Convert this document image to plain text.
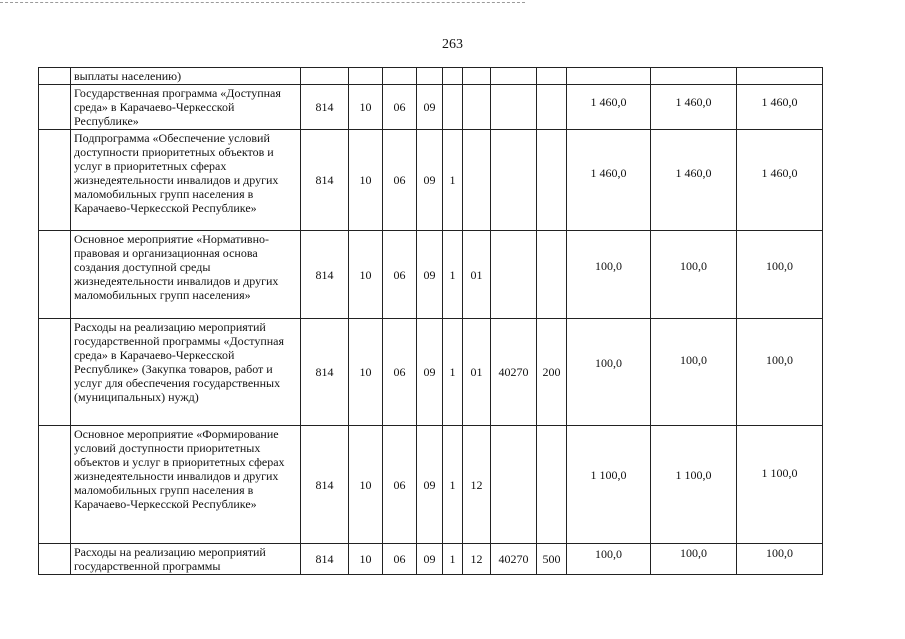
263
	выплаты населению)											
	Государственная программа «Доступная среда» в Карачаево-Черкесской Республике»	814	10	06	09					1 460,0	1 460,0	1 460,0
	Подпрограмма «Обеспечение условий доступности приоритетных объектов и услуг в приоритетных сферах жизнедеятельности инвалидов и других маломобильных групп населения в Карачаево-Черкесской Республике»	814	10	06	09	1				1 460,0	1 460,0	1 460,0
	Основное мероприятие «Нормативно-правовая и организационная основа создания доступной среды жизнедеятельности инвалидов и других маломобильных групп населения»	814	10	06	09	1	01			100,0	100,0	100,0
	Расходы на реализацию мероприятий государственной программы «Доступная среда» в Карачаево-Черкесской Республике» (Закупка товаров, работ и услуг для обеспечения государственных (муниципальных) нужд)	814	10	06	09	1	01	40270	200	100,0	100,0	100,0
	Основное мероприятие «Формирование условий доступности приоритетных объектов и услуг в приоритетных сферах жизнедеятельности инвалидов и других маломобильных групп населения в Карачаево-Черкесской Республике»	814	10	06	09	1	12			1 100,0	1 100,0	1 100,0
	Расходы на реализацию мероприятий государственной программы	814	10	06	09	1	12	40270	500	100,0	100,0	100,0
